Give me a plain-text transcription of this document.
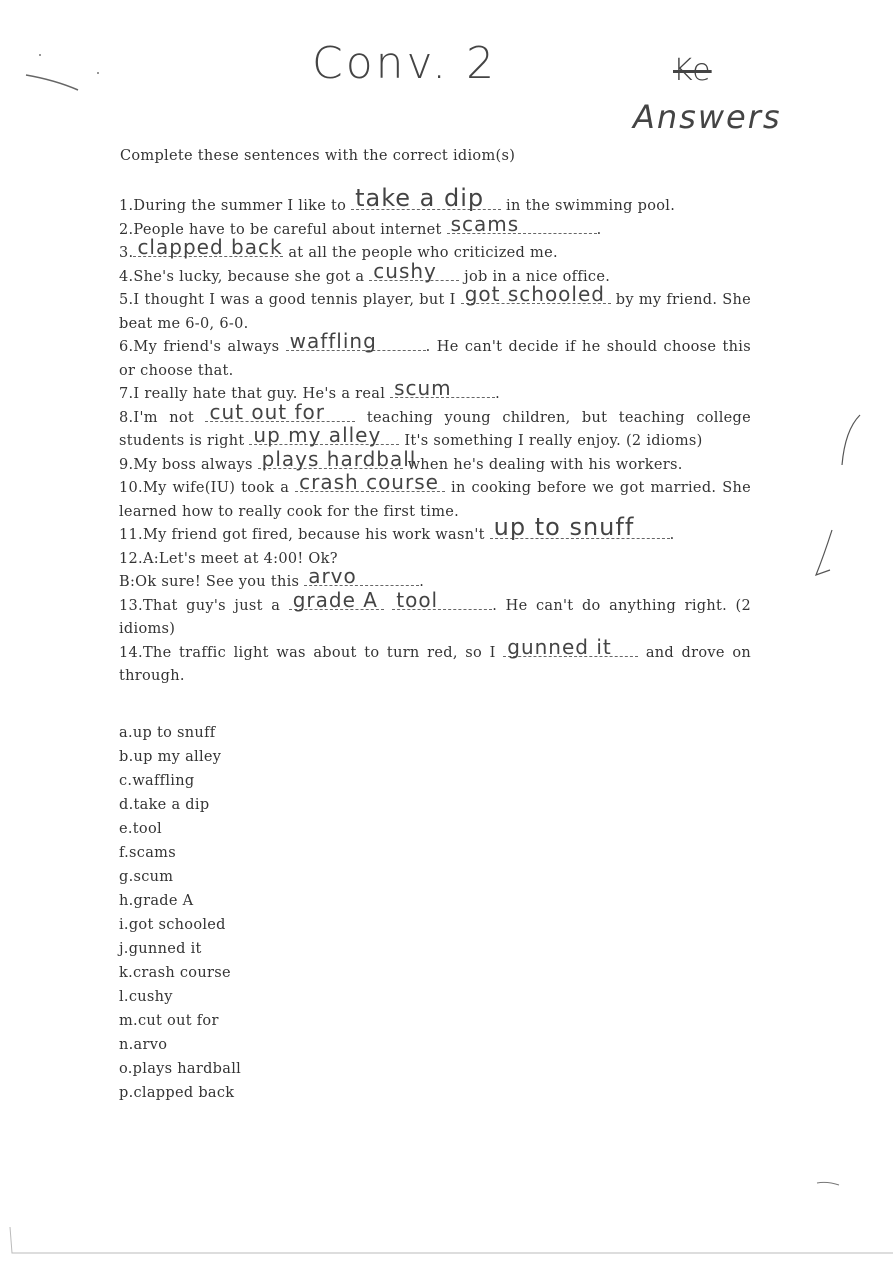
Conv. 2	Ke
Answers
Complete these sentences with the correct idiom(s)

1.During the summer I like to take a dip in the swimming pool.

2.People have to be careful about internet scams	.

3. clapped back at all the people who criticized me.

4.She's lucky, because she got a cushy job in a nice office.

5.I thought I was a good tennis player, but I got schooled by my friend. She beat me 6-0, 6-0.

6.My friend's always waffling	. He can't decide if he should choose this or choose that.

7.I really hate that guy. He's a real scum	.

8.I'm not cut out for teaching young children, but teaching college students is right up my alley It's something I really enjoy. (2 idioms)

9.My boss always plays hardball
when he's dealing with his workers.

10.My wife(IU) took a crash course in cooking before we got married. She learned how to really cook for the first time.

11.My friend got fired, because his work wasn't up to snuff .

12.A:Let's meet at 4:00! Ok?

B:Ok sure! See you this arvo	.

13.That guy's just a grade A
tool	. He can't do anything right. (2 idioms)

14.The traffic light was about to turn red, so I gunned it and drove on through.

a.up to snuff

b.up my alley

c.waffling

d.take a dip

e.tool

f.scams

g.scum

h.grade A

i.got schooled

j.gunned it

k.crash course

l.cushy

m.cut out for

n.arvo

o.plays hardball

p.clapped back
